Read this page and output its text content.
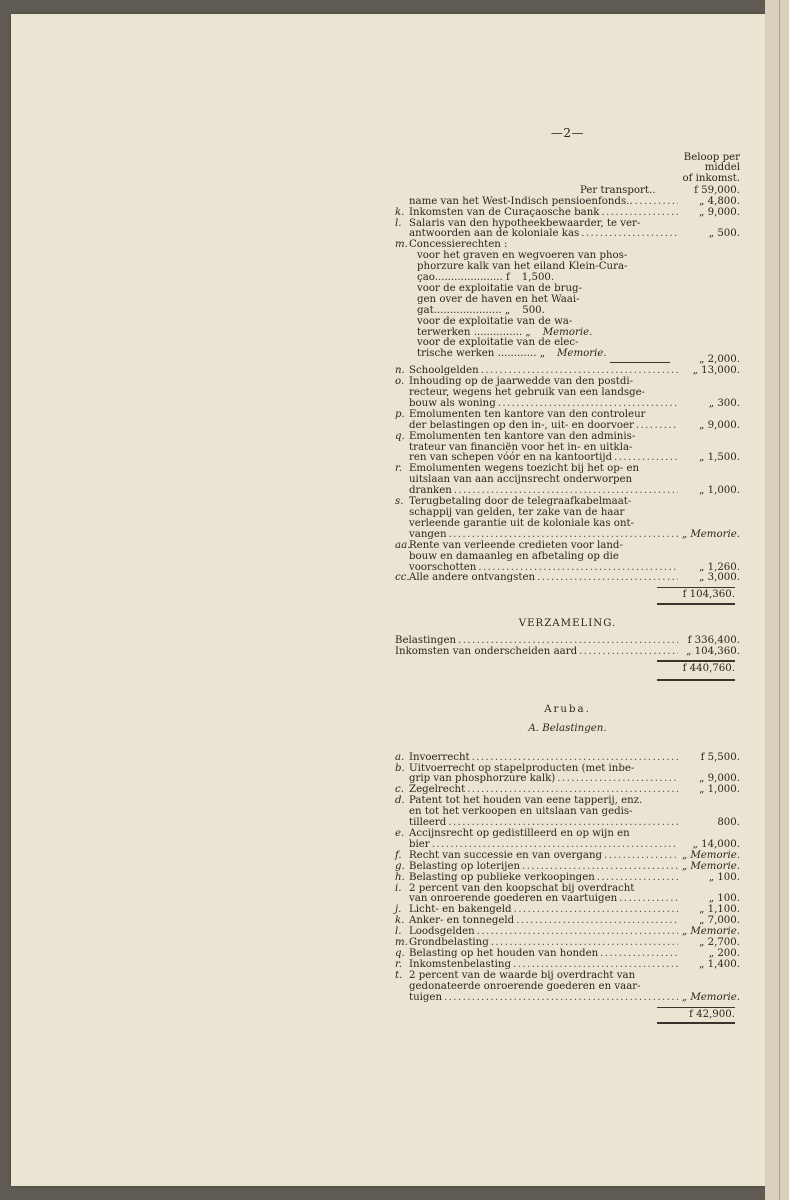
—2—
Beloop per
middel
of inkomst.
Per transport..	f 59,000.
name van het West-Indisch pensioenfonds.. .....	„ 4,800.
k. Inkomsten van de Curaçaosche bank .....	„ 9,000.
l. Salaris van den hypotheekbewaarder, te ver-
antwoorden aan de koloniale kas .....	„ 500.
m. Concessierechten :
voor het graven en wegvoeren van phos-
phorzure kalk van het eiland Klein-Cura-
çao..................... f 1,500.
voor de exploitatie van de brug-
gen over de haven en het Waai-
gat..................... „ 500.
voor de exploitatie van de wa-
terwerken ............... „ Memorie.
voor de exploitatie van de elec-
trische werken ............ „ Memorie.
„ 2,000.
n. Schoolgelden .....	„ 13,000.
o. Inhouding op de jaarwedde van den postdi-
recteur, wegens het gebruik van een landsge-
bouw als woning .....	„ 300.
p. Emolumenten ten kantore van den controleur
der belastingen op den in-, uit- en doorvoer .....	„ 9,000.
q. Emolumenten ten kantore van den adminis-
trateur van financiën voor het in- en uitkla-
ren van schepen vóór en na kantoortijd .....	„ 1,500.
r. Emolumenten wegens toezicht bij het op- en
uitslaan van aan accijnsrecht onderworpen
dranken .....	„ 1,000.
s. Terugbetaling door de telegraafkabelmaat-
schappij van gelden, ter zake van de haar
verleende garantie uit de koloniale kas ont-
vangen .....	„ Memorie.
aa.
Rente van verleende credieten voor land-
bouw en damaanleg en afbetaling op die
voorschotten .....	„ 1,260.
cc. Alle andere ontvangsten .....	„ 3,000.
f 104,360.
VERZAMELING.
Belastingen .....	f 336,400.
Inkomsten van onderscheiden aard .....	„ 104,360.
f 440,760.
Aruba.
A. Belastingen.
a. Invoerrecht .....	f 5,500.
b. Uitvoerrecht op stapelproducten (met inbe-
grip van phosphorzure kalk) .....	„ 9,000.
c. Zegelrecht .....	„ 1,000.
d. Patent tot het houden van eene tapperij, enz.
en tot het verkoopen en uitslaan van gedis-
tilleerd .....	800.
e. Accijnsrecht op gedistilleerd en op wijn en
bier .....	„ 14,000.
f. Recht van successie en van overgang .....	„ Memorie.
g. Belasting op loterijen .....	„ Memorie.
h. Belasting op publieke verkoopingen .....	„ 100.
i. 2 percent van den koopschat bij overdracht
van onroerende goederen en vaartuigen .....	„ 100.
j. Licht- en bakengeld .....	„ 1,100.
k. Anker- en tonnegeld .....	„ 7,000.
l. Loodsgelden .....	„ Memorie.
m. Grondbelasting .....	„ 2,700.
q. Belasting op het houden van honden .....	„ 200.
r. Inkomstenbelasting .....	„ 1,400.
t. 2 percent van de waarde bij overdracht van
gedonateerde onroerende goederen en vaar-
tuigen .....	„ Memorie.
f 42,900.
